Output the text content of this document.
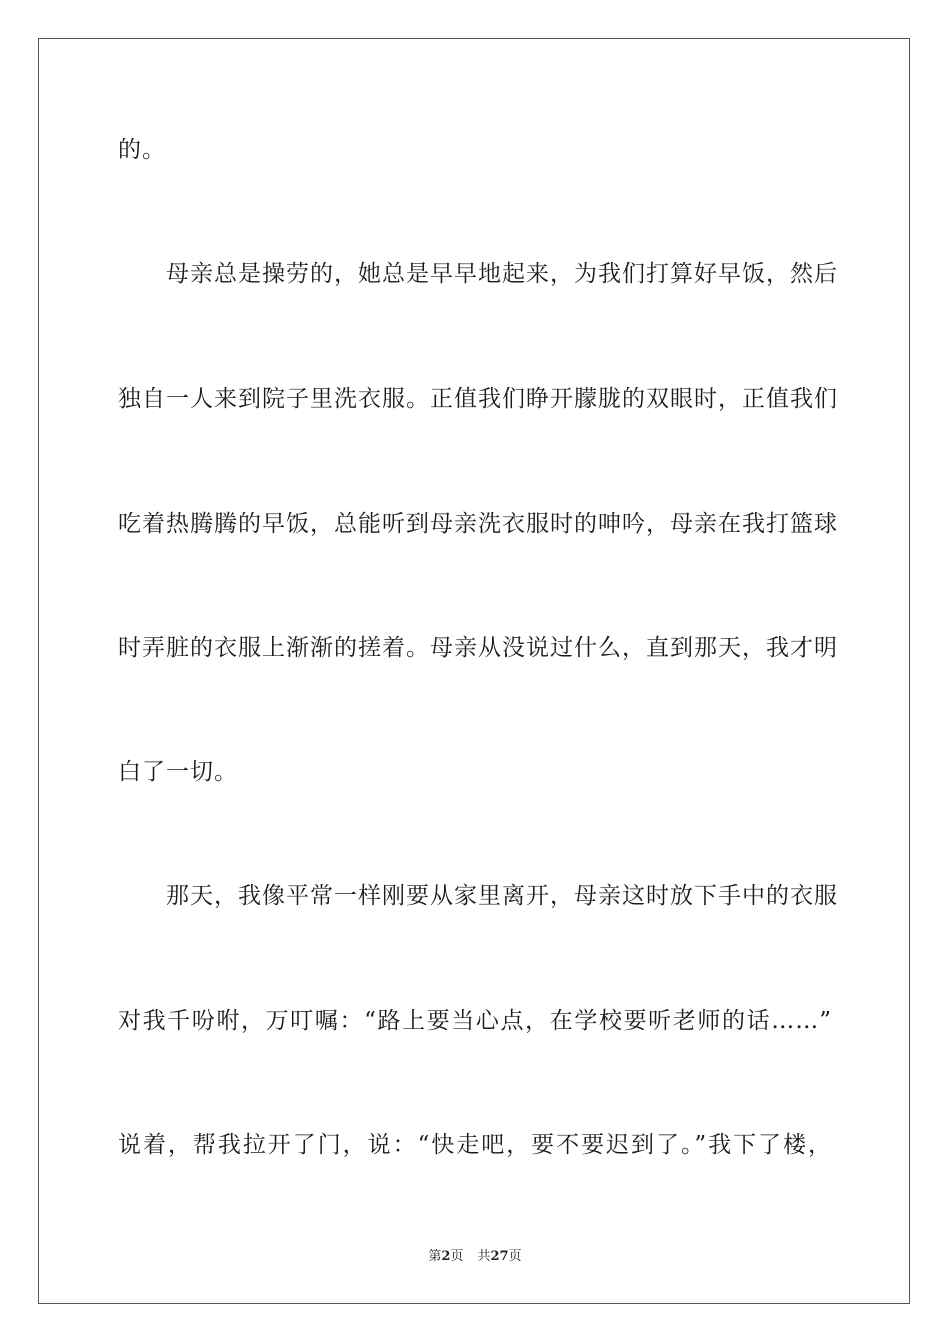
的。
　　母亲总是操劳的，她总是早早地起来，为我们打算好早饭，然后
独自一人来到院子里洗衣服。正值我们睁开朦胧的双眼时，正值我们
吃着热腾腾的早饭，总能听到母亲洗衣服时的呻吟，母亲在我打篮球
时弄脏的衣服上渐渐的搓着。母亲从没说过什么，直到那天，我才明
白了一切。
　　那天，我像平常一样刚要从家里离开，母亲这时放下手中的衣服
对我千吩咐，万叮嘱：“路上要当心点，在学校要听老师的话……”
说着，帮我拉开了门，说：“快走吧，要不要迟到了。”我下了楼，
第2页 共27页
